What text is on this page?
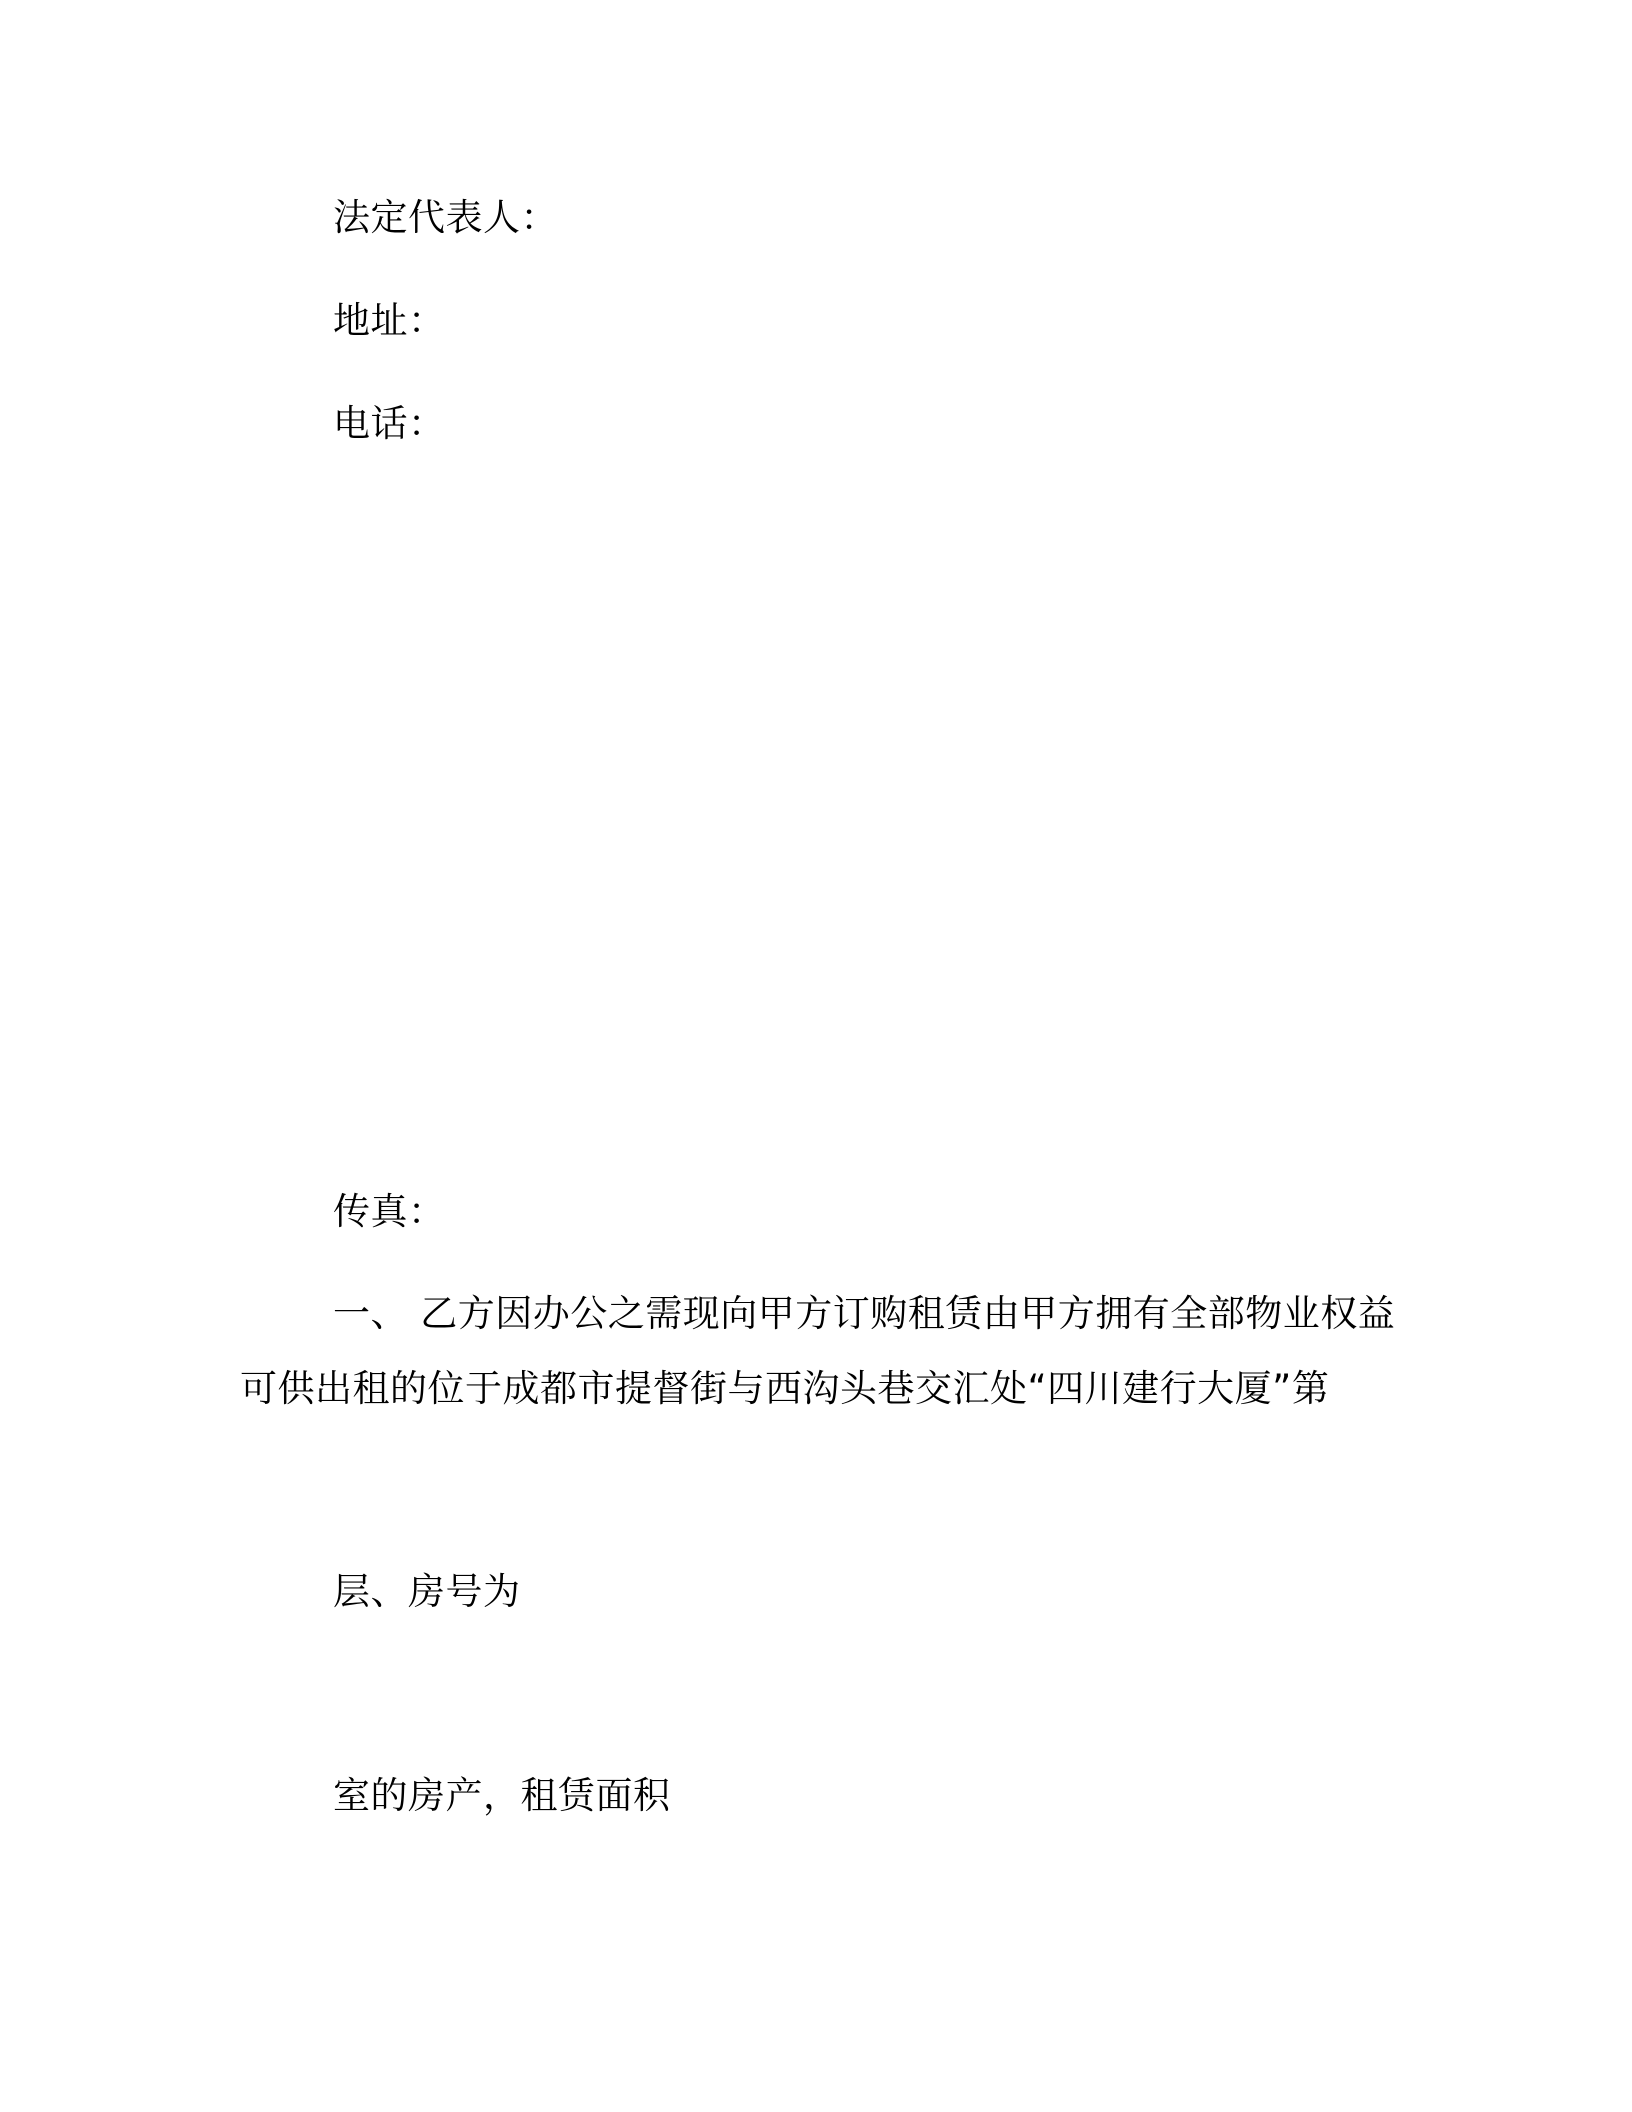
法定代表人：
地址：
电话：
传真：
一、 乙方因办公之需现向甲方订购租赁由甲方拥有全部物业权益
可供出租的位于成都市提督街与西沟头巷交汇处“四川建行大厦”第
层、房号为
室的房产，租赁面积
